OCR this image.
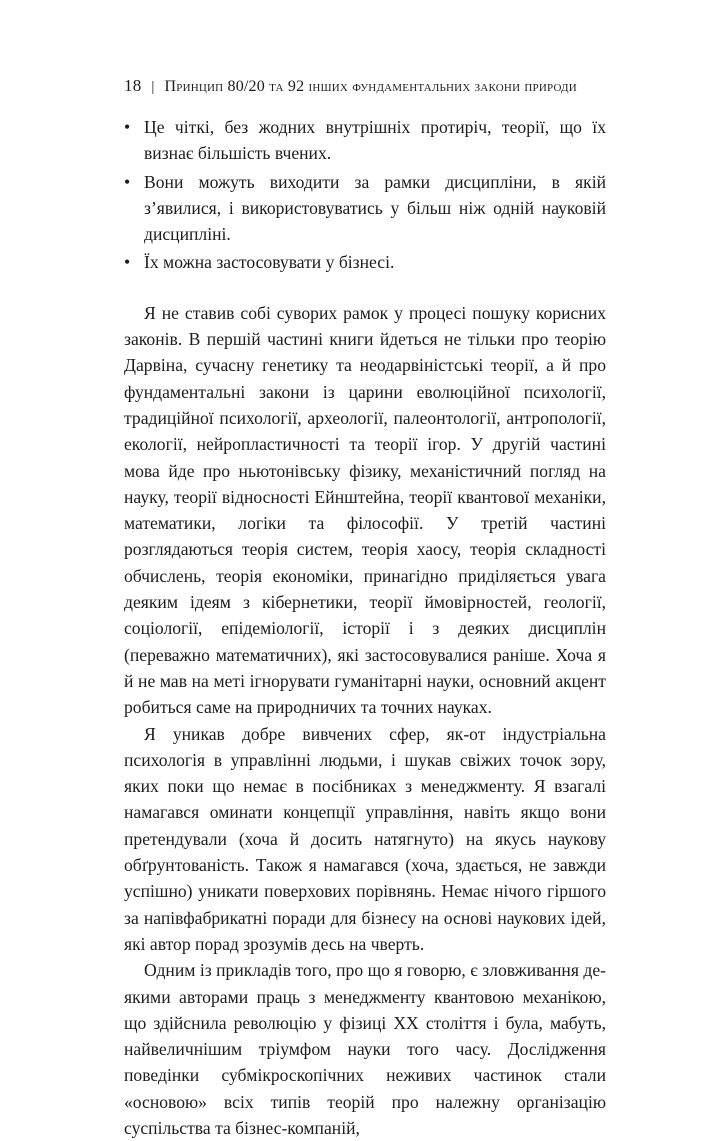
18 | Принцип 80/20 та 92 інших фундаментальних закони природи
• Це чіткі, без жодних внутрішніх протиріч, теорії, що їх визнає більшість вчених.
• Вони можуть виходити за рамки дисципліни, в якій з’явилися, і використовуватись у більш ніж одній науковій дисципліні.
• Їх можна застосовувати у бізнесі.

Я не ставив собі суворих рамок у процесі пошуку корисних законів. В першій частині книги йдеться не тільки про теорію Дарвіна, сучасну генетику та неодарвіністські теорії, а й про фундаментальні закони із царини еволюційної психології, традиційної психології, археології, палеонтології, антропології, екології, нейропластичності та теорії ігор. У другій частині мова йде про ньютонівську фізику, механістичний погляд на науку, теорії відносності Ейнштейна, теорії квантової механіки, математики, логіки та філософії. У третій частині розглядаються теорія систем, теорія хаосу, теорія складності обчислень, теорія економіки, принагідно приділяється увага деяким ідеям з кібернетики, теорії ймовірностей, геології, соціології, епідеміології, історії і з деяких дисциплін (переважно математичних), які застосовувалися раніше. Хоча я й не мав на меті ігнорувати гуманітарні науки, основний акцент робиться саме на природничих та точних науках.

Я уникав добре вивчених сфер, як-от індустріальна психологія в управлінні людьми, і шукав свіжих точок зору, яких поки що немає в посібниках з менеджменту. Я взагалі намагався оминати концепції управління, навіть якщо вони претендували (хоча й досить натягнуто) на якусь наукову обґрунтованість. Також я намагався (хоча, здається, не завжди успішно) уникати поверхових порівнянь. Немає нічого гіршого за напівфабрикатні поради для бізнесу на основі наукових ідей, які автор порад зрозумів десь на чверть.

Одним із прикладів того, про що я говорю, є зловживання деякими авторами праць з менеджменту квантовою механікою, що здійснила революцію у фізиці XX століття і була, мабуть, найвеличнішим тріумфом науки того часу. Дослідження поведінки субмікроскопічних неживих частинок стали «основою» всіх типів теорій про належну організацію суспільства та бізнес-компаній,
